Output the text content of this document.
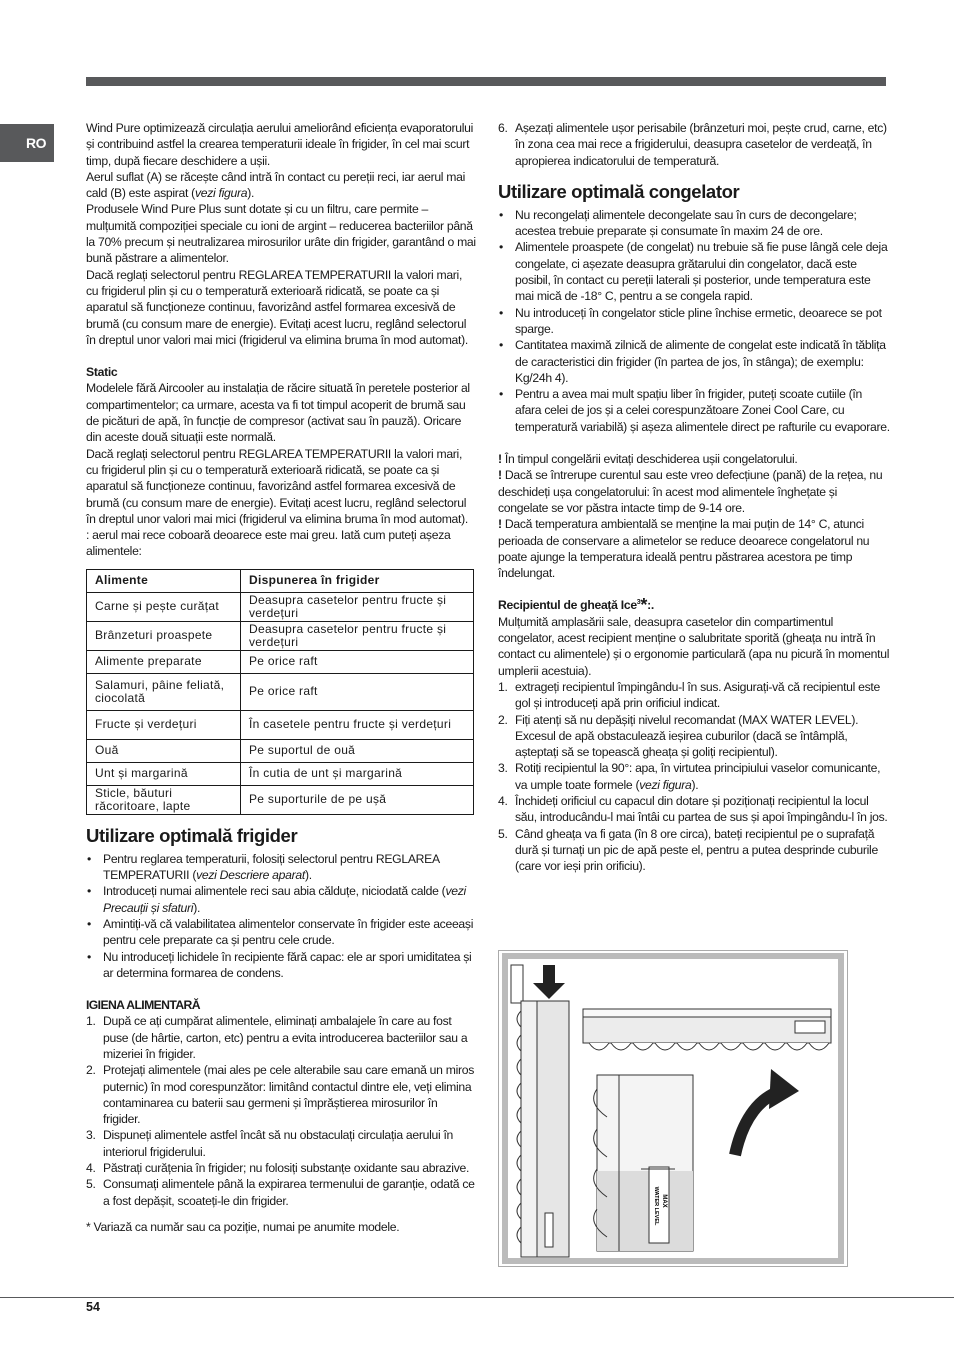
RO

Wind Pure optimizează circulația aerului ameliorând eficiența evaporatorului și contribuind astfel la crearea temperaturii ideale în frigider, în cel mai scurt timp, după fiecare deschidere a ușii.

Aerul suflat (A) se răcește când intră în contact cu pereții reci, iar aerul mai cald (B) este aspirat (vezi figura).

Produsele Wind Pure Plus sunt dotate și cu un filtru, care permite – mulțumită compoziției speciale cu ioni de argint – reducerea bacteriilor până la 70% precum și neutralizarea mirosurilor urâte din frigider, garantând o mai bună păstrare a alimentelor.

Dacă reglați selectorul pentru REGLAREA TEMPERATURII la valori mari, cu frigiderul plin și cu o temperatură exterioară ridicată, se poate ca și aparatul să funcționeze continuu, favorizând astfel formarea excesivă de brumă (cu consum mare de energie). Evitați acest lucru, reglând selectorul în dreptul unor valori mai mici (frigiderul va elimina bruma în mod automat).

Static

Modelele fără Aircooler au instalația de răcire situată în peretele posterior al compartimentelor; ca urmare, acesta va fi tot timpul acoperit de brumă sau de picături de apă, în funcție de compresor (activat sau în pauză). Oricare din aceste două situații este normală.

Dacă reglați selectorul pentru REGLAREA TEMPERATURII la valori mari, cu frigiderul plin și cu o temperatură exterioară ridicată, se poate ca și aparatul să funcționeze continuu, favorizând astfel formarea excesivă de brumă (cu consum mare de energie). Evitați acest lucru, reglând selectorul în dreptul unor valori mai mici (frigiderul va elimina bruma în mod automat).

: aerul mai rece coboară deoarece este mai greu. Iată cum puteți așeza alimentele:

Alimente	Dispunerea în frigider
Carne și pește curățat	Deasupra casetelor pentru fructe și verdețuri
Brânzeturi proaspete	Deasupra casetelor pentru fructe și verdețuri
Alimente preparate	Pe orice raft
Salamuri, pâine feliată, ciocolată	Pe orice raft
Fructe și verdețuri	În casetele pentru fructe și verdețuri
Ouă	Pe suportul de ouă
Unt și margarină	În cutia de unt și margarină
Sticle, băuturi răcoritoare, lapte	Pe suporturile de pe ușă
Utilizare optimală frigider
• Pentru reglarea temperaturii, folosiți selectorul pentru REGLAREA TEMPERATURII (vezi Descriere aparat).
• Introduceți numai alimentele reci sau abia călduțe, niciodată calde (vezi Precauții și sfaturi).
• Amintiți-vă că valabilitatea alimentelor conservate în frigider este aceeași pentru cele preparate ca și pentru cele crude.
• Nu introduceți lichidele în recipiente fără capac: ele ar spori umiditatea și ar determina formarea de condens.

IGIENA ALIMENTARĂ

1. După ce ați cumpărat alimentele, eliminați ambalajele în care au fost puse (de hârtie, carton, etc) pentru a evita introducerea bacteriilor sau a mizeriei în frigider.
2. Protejați alimentele (mai ales pe cele alterabile sau care emană un miros puternic) în mod corespunzător: limitând contactul dintre ele, veți elimina contaminarea cu baterii sau germeni și împrăștierea mirosurilor în frigider.
3. Dispuneți alimentele astfel încât să nu obstaculați circulația aerului în interiorul frigiderului.
4. Păstrați curățenia în frigider; nu folosiți substanțe oxidante sau abrazive.
5. Consumați alimentele până la expirarea termenului de garanție, odată ce a fost depășit, scoateți-le din frigider.

* Variază ca număr sau ca poziție, numai pe anumite modele.

6. Așezați alimentele ușor perisabile (brânzeturi moi, pește crud, carne, etc) în zona cea mai rece a frigiderului, deasupra casetelor de verdeață, în apropierea indicatorului de temperatură.
Utilizare optimală congelator
• Nu recongelați alimentele decongelate sau în curs de decongelare; acestea trebuie preparate și consumate în maxim 24 de ore.
• Alimentele proaspete (de congelat) nu trebuie să fie puse lângă cele deja congelate, ci așezate deasupra grătarului din congelator, dacă este posibil, în contact cu pereții laterali și posterior, unde temperatura este mai mică de -18° C, pentru a se congela rapid.
• Nu introduceți în congelator sticle pline închise ermetic, deoarece se pot sparge.
• Cantitatea maximă zilnică de alimente de congelat este indicată în tăblița de caracteristici din frigider (în partea de jos, în stânga); de exemplu: Kg/24h 4).
• Pentru a avea mai mult spațiu liber în frigider, puteți scoate cutiile (în afara celei de jos și a celei corespunzătoare Zonei Cool Care, cu temperatură variabilă) și așeza alimentele direct pe rafturile cu evaporare.

! În timpul congelării evitați deschiderea ușii congelatorului.

! Dacă se întrerupe curentul sau este vreo defecțiune (pană) de la rețea, nu deschideți ușa congelatorului: în acest mod alimentele înghețate și congelate se vor păstra intacte timp de 9-14 ore.

! Dacă temperatura ambientală se menține la mai puțin de 14° C, atunci perioada de conservare a alimetelor se reduce deoarece congelatorul nu poate ajunge la temperatura ideală pentru păstrarea acestora pe timp îndelungat.

Recipientul de gheață Ice$^3$*:.

Mulțumită amplasării sale, deasupra casetelor din compartimentul congelator, acest recipient menține o salubritate sporită (gheața nu intră în contact cu alimentele) și o ergonomie particulară (apa nu picură în momentul umplerii acestuia).

1. extrageți recipientul împingându-l în sus. Asigurați-vă că recipientul este gol și introduceți apă prin orificiul indicat.
2. Fiți atenți să nu depășiți nivelul recomandat (MAX WATER LEVEL). Excesul de apă obstaculează ieșirea cuburilor (dacă se întâmplă, așteptați să se topească gheața și goliți recipientul).
3. Rotiți recipientul la 90°: apa, în virtutea principiului vaselor comunicante, va umple toate formele (vezi figura).
4. Închideți orificiul cu capacul din dotare și poziționați recipientul la locul său, introducându-l mai întâi cu partea de sus și apoi împingându-l în jos.
5. Când gheața va fi gata (în 8 ore circa), bateți recipientul pe o suprafață dură și turnați un pic de apă peste el, pentru a putea desprinde cuburile (care vor ieși prin orificiu).
MAX
WATER LEVEL
54
